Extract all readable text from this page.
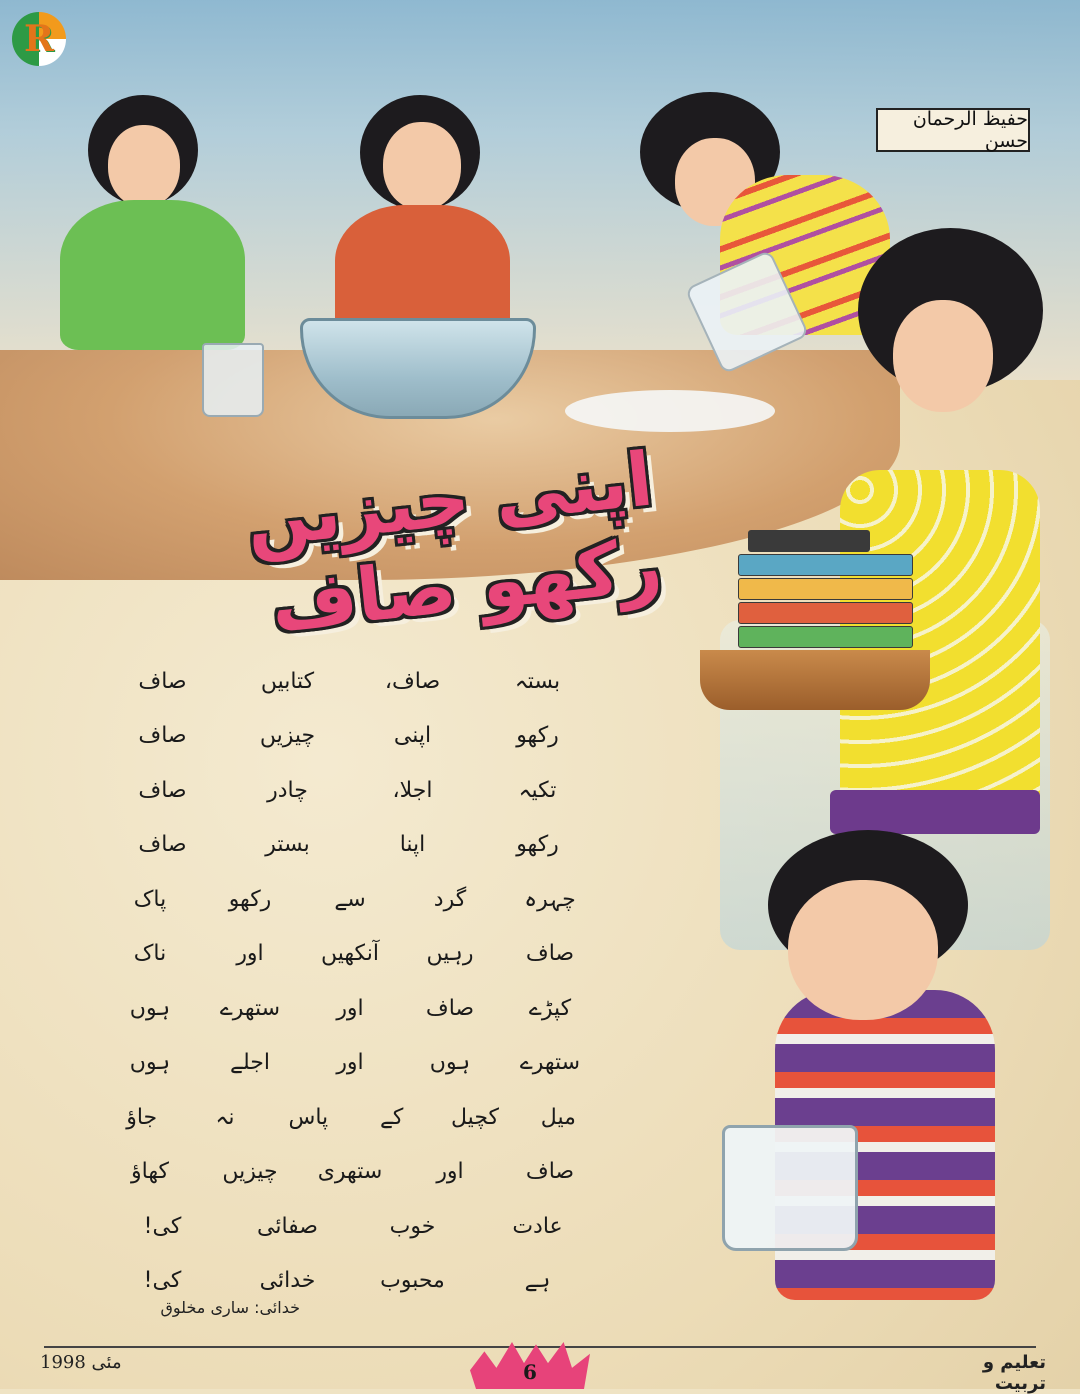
R
حفیظ الرحمان حسن
اپنی چیزیں رکھو صاف
بستہ
صاف،
کتابیں
صاف
رکھو
اپنی
چیزیں
صاف
تکیہ
اجلا،
چادر
صاف
رکھو
اپنا
بستر
صاف
چہرہ
گرد
سے
رکھو
پاک
صاف
رہیں
آنکھیں
اور
ناک
کپڑے
صاف
اور
ستھرے
ہوں
ستھرے
ہوں
اور
اجلے
ہوں
میل
کچیل
کے
پاس
نہ
جاؤ
صاف
اور
ستھری
چیزیں
کھاؤ
عادت
خوب
صفائی
کی!
ہے
محبوب
خدائی
کی!
خدائی: ساری مخلوق
مئی 1998	6	تعلیم و تربیت
